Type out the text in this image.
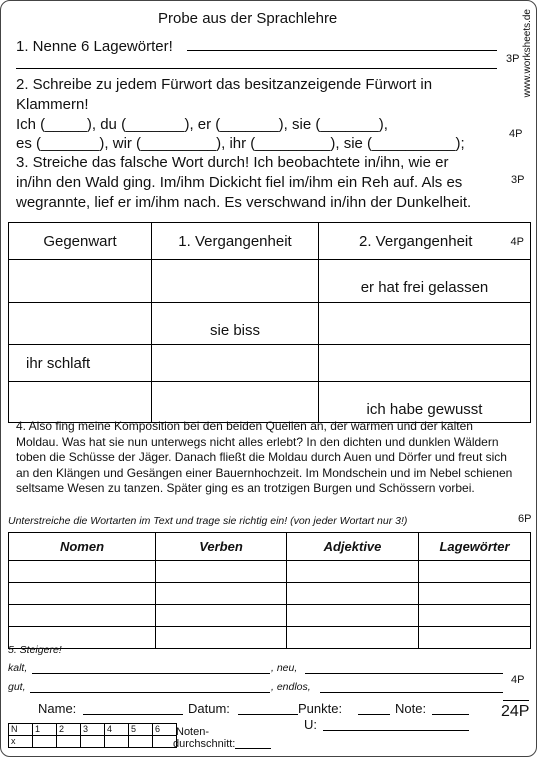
www.worksheets.de
Probe aus der Sprachlehre
1. Nenne 6 Lagewörter!
3P
2. Schreibe zu jedem Fürwort das besitzanzeigende Fürwort in
Klammern!
Ich (_____), du (_______), er (_______), sie (_______),
es (_______), wir (_________), ihr (_________), sie (__________);
4P
3. Streiche das falsche Wort durch! Ich beobachtete in/ihn, wie er
in/ihn den Wald ging. Im/ihm Dickicht fiel im/ihm ein Reh auf. Als es
wegrannte, lief er im/ihm nach. Es verschwand in/ihn der Dunkelheit.
3P
Gegenwart	1. Vergangenheit	2. Vergangenheit 4P

		er hat frei gelassen
	sie biss	
ihr schlaft		
		ich habe gewusst
4. Also fing meine Komposition bei den beiden Quellen an, der warmen und der kalten Moldau. Was hat sie nun unterwegs nicht alles erlebt? In den dichten und dunklen Wäldern toben die Schüsse der Jäger. Danach fließt die Moldau durch Auen und Dörfer und freut sich an den Klängen und Gesängen einer Bauernhochzeit. Im Mondschein und im Nebel schienen seltsame Wesen zu tanzen. Später ging es an trotzigen Burgen und Schössern vorbei.
Unterstreiche die Wortarten im Text und trage sie richtig ein! (von jeder Wortart nur 3!)	6P
Nomen	Verben	Adjektive	Lagewörter

5. Steigere!
kalt,	, neu,
gut,	, endlos,
4P
24P
Name:	Datum:	Punkte:	Note:
U:
N	1	2	3	4	5	6
x						
Noten-
durchschnitt:
